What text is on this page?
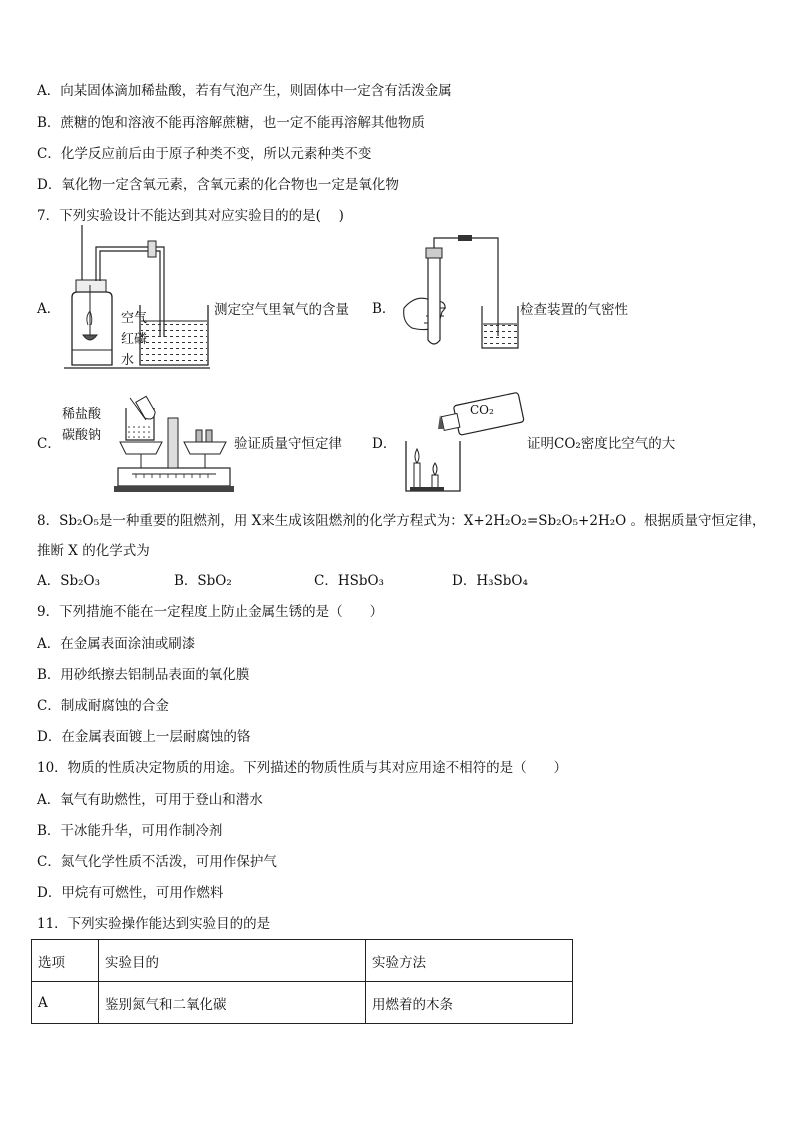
A．向某固体滴加稀盐酸，若有气泡产生，则固体中一定含有活泼金属
B．蔗糖的饱和溶液不能再溶解蔗糖，也一定不能再溶解其他物质
C．化学反应前后由于原子种类不变，所以元素种类不变
D．氧化物一定含氧元素，含氧元素的化合物也一定是氧化物
7．下列实验设计不能达到其对应实验目的的是(　 )
A．
空气
红磷
水
测定空气里氧气的含量 B．	检查装置的气密性
C．
稀盐酸
碳酸钠
验证质量守恒定律 D．
CO₂
证明CO₂密度比空气的大
8．Sb₂O₅是一种重要的阻燃剂，用 X来生成该阻燃剂的化学方程式为：X+2H₂O₂=Sb₂O₅+2H₂O 。根据质量守恒定律，
推断 X 的化学式为
A．Sb₂O₃	B．SbO₂	C．HSbO₃	D．H₃SbO₄
9．下列措施不能在一定程度上防止金属生锈的是（　　）
A．在金属表面涂油或刷漆
B．用砂纸擦去铝制品表面的氧化膜
C．制成耐腐蚀的合金
D．在金属表面镀上一层耐腐蚀的铬
10．物质的性质决定物质的用途。下列描述的物质性质与其对应用途不相符的是（　　）
A．氧气有助燃性，可用于登山和潜水
B．干冰能升华，可用作制冷剂
C．氮气化学性质不活泼，可用作保护气
D．甲烷有可燃性，可用作燃料
11．下列实验操作能达到实验目的的是
选项	实验目的	实验方法
A	鉴别氮气和二氧化碳	用燃着的木条
